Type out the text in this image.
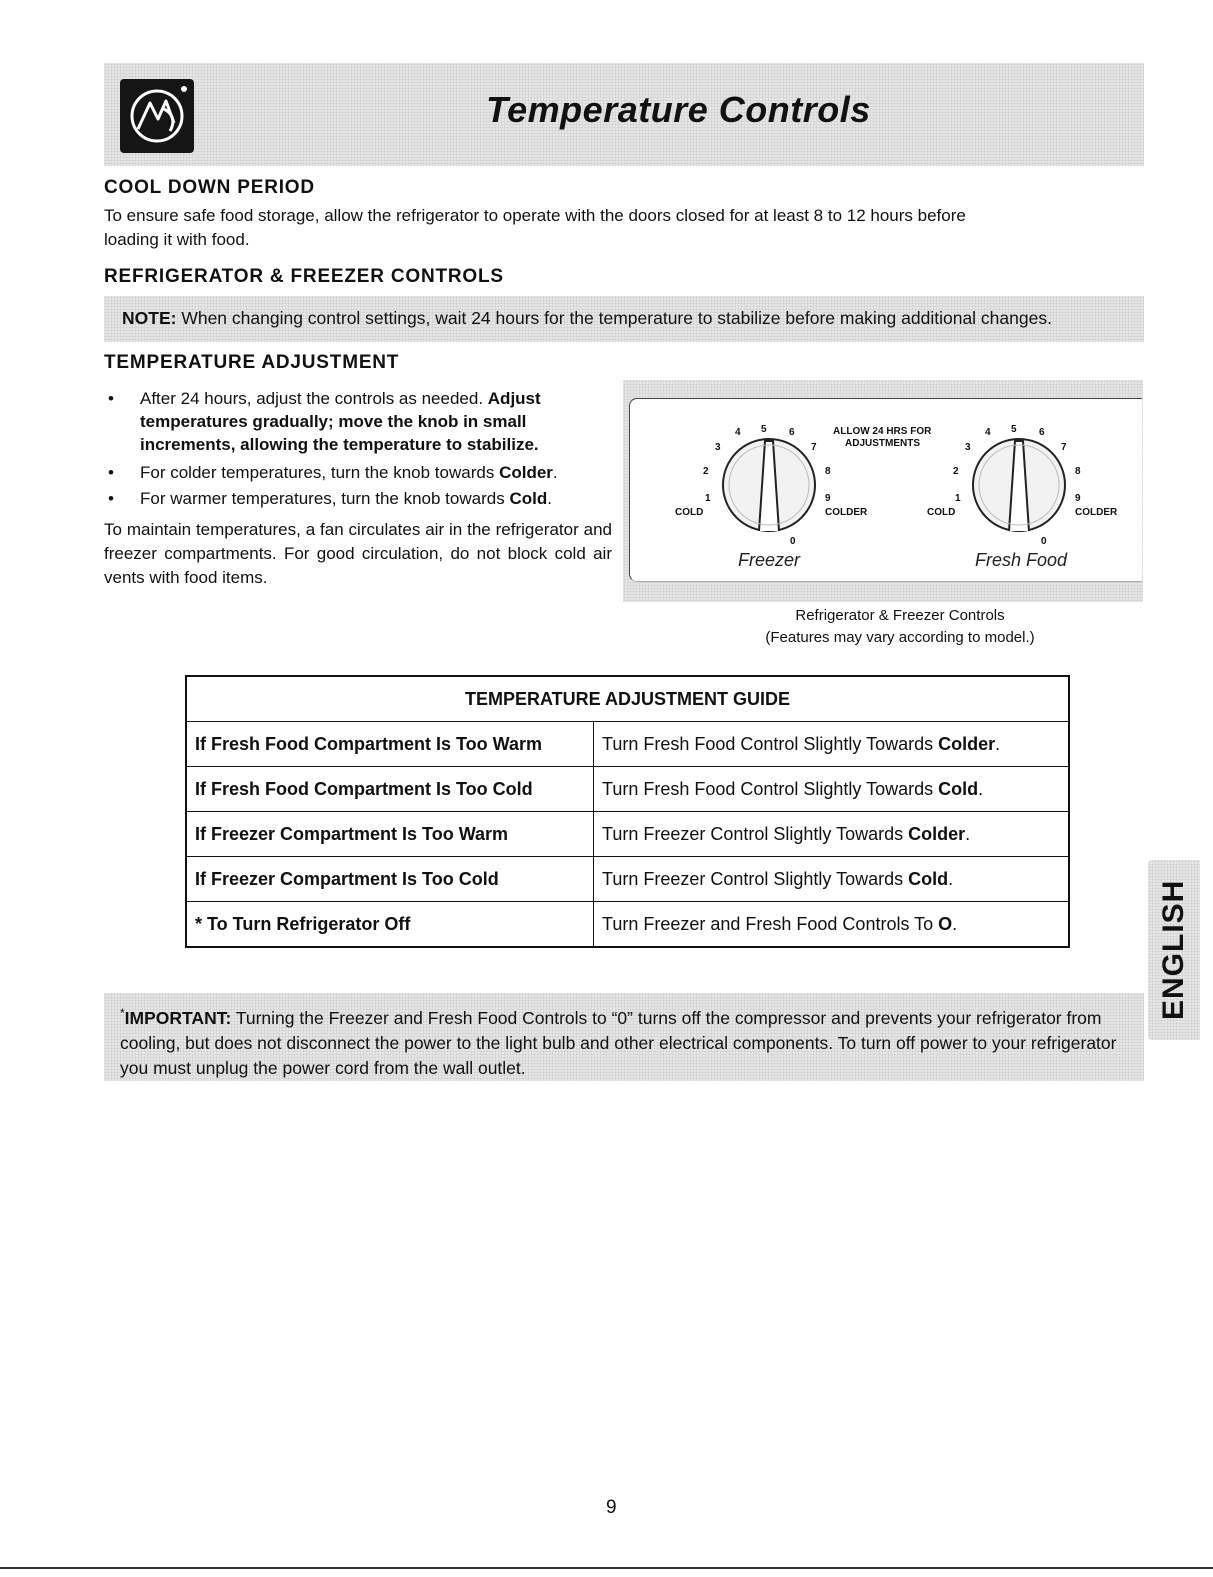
Temperature Controls
COOL DOWN PERIOD
To ensure safe food storage, allow the refrigerator to operate with the doors closed for at least 8 to 12 hours before
loading it with food.
REFRIGERATOR & FREEZER CONTROLS
NOTE: When changing control settings, wait 24 hours for the temperature to stabilize before making additional changes.
TEMPERATURE ADJUSTMENT
• After 24 hours, adjust the controls as needed. Adjust temperatures gradually; move the knob in small increments, allowing the temperature to stabilize.
• For colder temperatures, turn the knob towards Colder.
• For warmer temperatures, turn the knob towards Cold.
To maintain temperatures, a fan circulates air in the refrigerator and freezer compartments. For good circulation, do not block cold air vents with food items.
5
4	6
3	7
2	8
1	9
0
COLD	COLDER
Freezer
ALLOW 24 HRS FOR
ADJUSTMENTS
5
4	6
3	7
2	8
1	9
0
COLD	COLDER
Fresh Food
Refrigerator & Freezer Controls
(Features may vary according to model.)
TEMPERATURE ADJUSTMENT GUIDE	
If Fresh Food Compartment Is Too Warm	Turn Fresh Food Control Slightly Towards Colder.
If Fresh Food Compartment Is Too Cold	Turn Fresh Food Control Slightly Towards Cold.
If Freezer Compartment Is Too Warm	Turn Freezer Control Slightly Towards Colder.
If Freezer Compartment Is Too Cold	Turn Freezer Control Slightly Towards Cold.
* To Turn Refrigerator Off	Turn Freezer and Fresh Food Controls To O.
*IMPORTANT: Turning the Freezer and Fresh Food Controls to “0” turns off the compressor and prevents your refrigerator from cooling, but does not disconnect the power to the light bulb and other electrical components. To turn off power to your refrigerator you must unplug the power cord from the wall outlet.
ENGLISH
9
